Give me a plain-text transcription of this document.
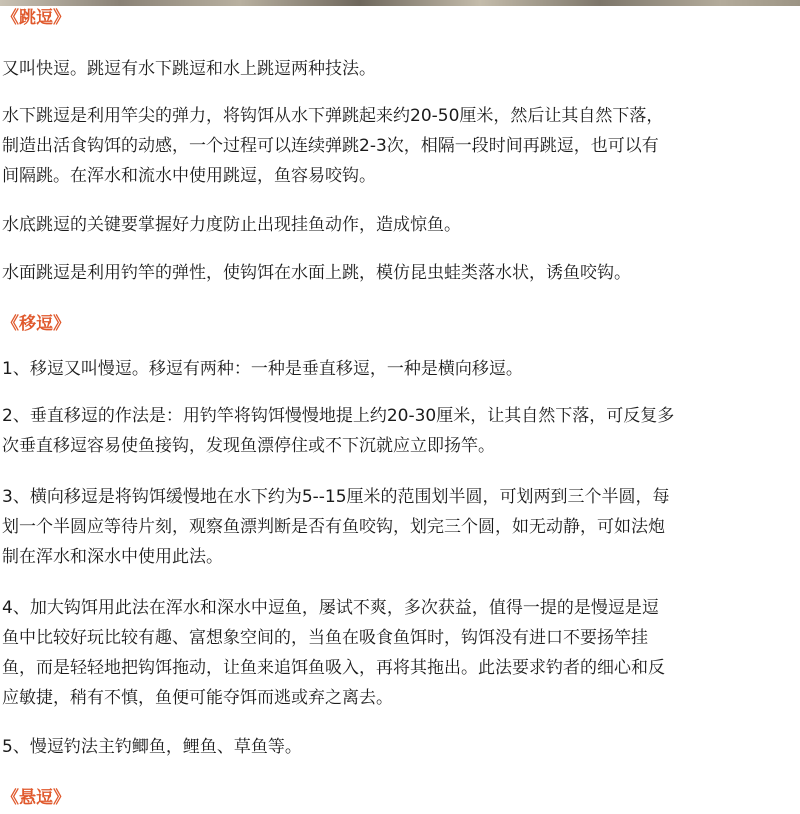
《跳逗》
又叫快逗。跳逗有水下跳逗和水上跳逗两种技法。
水下跳逗是利用竿尖的弹力，将钩饵从水下弹跳起来约20-50厘米，然后让其自然下落，
制造出活食钩饵的动感，一个过程可以连续弹跳2-3次，相隔一段时间再跳逗，也可以有
间隔跳。在浑水和流水中使用跳逗，鱼容易咬钩。
水底跳逗的关键要掌握好力度防止出现挂鱼动作，造成惊鱼。
水面跳逗是利用钓竿的弹性，使钩饵在水面上跳，模仿昆虫蛙类落水状，诱鱼咬钩。
《移逗》
1、移逗又叫慢逗。移逗有两种：一种是垂直移逗，一种是横向移逗。
2、垂直移逗的作法是：用钓竿将钩饵慢慢地提上约20-30厘米，让其自然下落，可反复多
次垂直移逗容易使鱼接钩，发现鱼漂停住或不下沉就应立即扬竿。
3、横向移逗是将钩饵缓慢地在水下约为5--15厘米的范围划半圆，可划两到三个半圆，每
划一个半圆应等待片刻，观察鱼漂判断是否有鱼咬钩，划完三个圆，如无动静，可如法炮
制在浑水和深水中使用此法。
4、加大钩饵用此法在浑水和深水中逗鱼，屡试不爽，多次获益，值得一提的是慢逗是逗
鱼中比较好玩比较有趣、富想象空间的，当鱼在吸食鱼饵时，钩饵没有进口不要扬竿挂
鱼，而是轻轻地把钩饵拖动，让鱼来追饵鱼吸入，再将其拖出。此法要求钓者的细心和反
应敏捷，稍有不慎，鱼便可能夺饵而逃或弃之离去。
5、慢逗钓法主钓鲫鱼，鲤鱼、草鱼等。
《悬逗》
